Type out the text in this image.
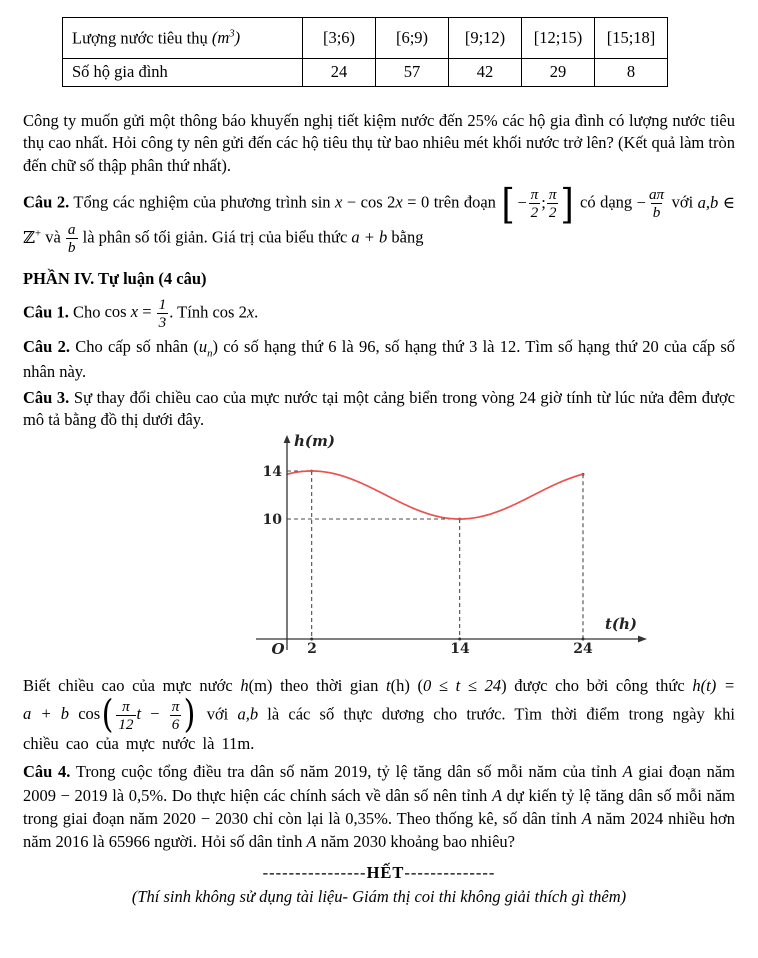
Lượng nước tiêu thụ $(m^3)$	[3;6)	[6;9)	[9;12)	[12;15)	[15;18]
Số hộ gia đình	24	57	42	29	8

Công ty muốn gửi một thông báo khuyến nghị tiết kiệm nước đến 25% các hộ gia đình có lượng nước tiêu thụ cao nhất. Hỏi công ty nên gửi đến các hộ tiêu thụ từ bao nhiêu mét khối nước trở lên? (Kết quả làm tròn đến chữ số thập phân thứ nhất).

Câu 2. Tổng các nghiệm của phương trình sin x − cos 2x = 0 trên đoạn [− $\frac{\pi}{2}$ ; $\frac{\pi}{2}$ ] có dạng − $\frac{a\pi}{b}$ với a,b ∈ ℤ+ và $\frac{a}{b}$ là phân số tối giản. Giá trị của biểu thức a + b bằng

PHẦN IV. Tự luận (4 câu)

Câu 1. Cho $\cos x = \frac{1}{3}$ . Tính cos 2x.

Câu 2. Cho cấp số nhân $(u_n)$ có số hạng thứ 6 là 96, số hạng thứ 3 là 12. Tìm số hạng thứ 20 của cấp số nhân này.

Câu 3. Sự thay đổi chiều cao của mực nước tại một cảng biển trong vòng 24 giờ tính từ lúc nửa đêm được mô tả bằng đồ thị dưới đây.

h(m)
t(h)
O 2	14	24
14
10

Biết chiều cao của mực nước h(m) theo thời gian t(h) (0 ≤ t ≤ 24) được cho bởi công thức h(t) = a + b $\cos( \frac{\pi}{12}$ $t - \frac{\pi}{6}$ ) với a,b là các số thực dương cho trước. Tìm thời điểm trong ngày khi chiều cao của mực nước là 11m.

Câu 4. Trong cuộc tổng điều tra dân số năm 2019, tỷ lệ tăng dân số mỗi năm của tỉnh A giai đoạn năm 2009 − 2019 là 0,5%. Do thực hiện các chính sách về dân số nên tỉnh A dự kiến tỷ lệ tăng dân số mỗi năm trong giai đoạn năm 2020 − 2030 chỉ còn lại là 0,35%. Theo thống kê, số dân tỉnh A năm 2024 nhiều hơn năm 2016 là 65966 người. Hỏi số dân tỉnh A năm 2030 khoảng bao nhiêu?

----------------HẾT--------------

(Thí sinh không sử dụng tài liệu- Giám thị coi thi không giải thích gì thêm)
